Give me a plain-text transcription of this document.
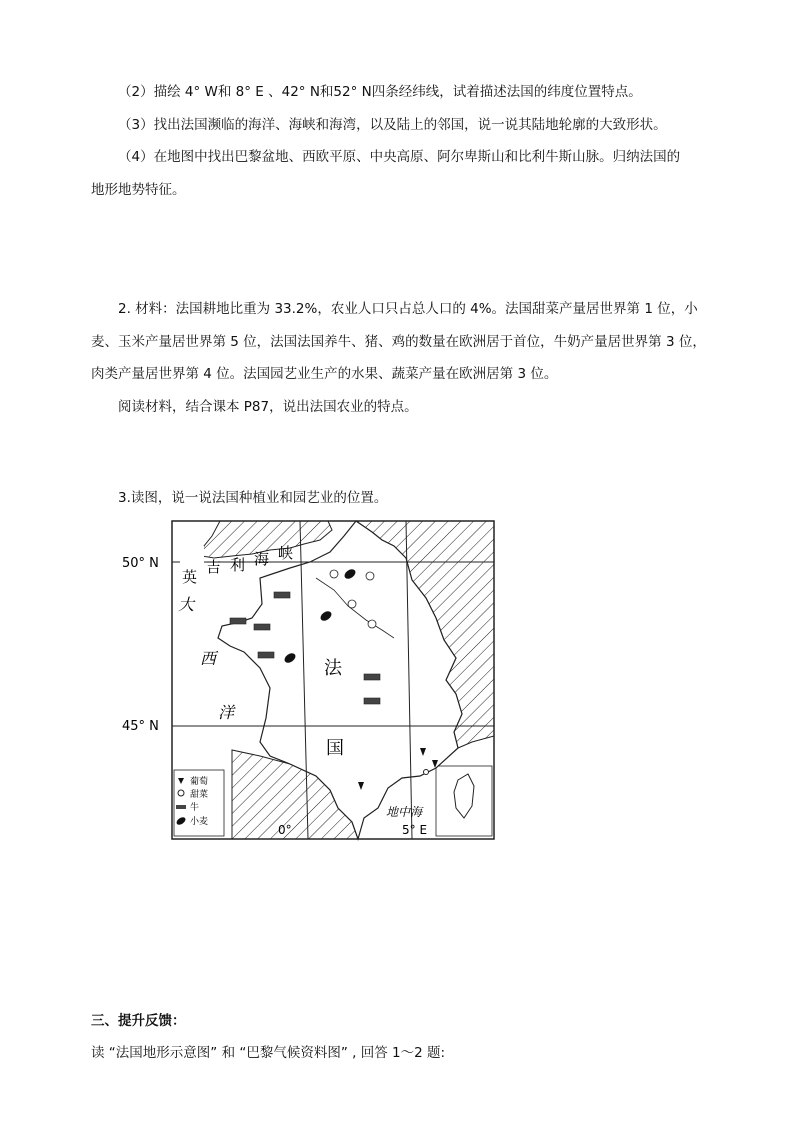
（2）描绘 4° W和 8° E 、42° N和52° N四条经纬线，试着描述法国的纬度位置特点。
（3）找出法国濒临的海洋、海峡和海湾，以及陆上的邻国，说一说其陆地轮廓的大致形状。
（4）在地图中找出巴黎盆地、西欧平原、中央高原、阿尔卑斯山和比利牛斯山脉。归纳法国的
地形地势特征。
2. 材料：法国耕地比重为 33.2%，农业人口只占总人口的 4%。法国甜菜产量居世界第 1 位，小
麦、玉米产量居世界第 5 位，法国法国养牛、猪、鸡的数量在欧洲居于首位，牛奶产量居世界第 3 位，
肉类产量居世界第 4 位。法国园艺业生产的水果、蔬菜产量在欧洲居第 3 位。
阅读材料，结合课本 P87，说出法国农业的特点。
3.读图，说一说法国种植业和园艺业的位置。
50° N
45° N
0°	5° E
英
吉 利 海 峡
大
西
洋
法
国
地中海
葡萄
甜菜
牛
小麦
三、提升反馈：
读 “法国地形示意图” 和 “巴黎气候资料图” , 回答 1～2 题:
